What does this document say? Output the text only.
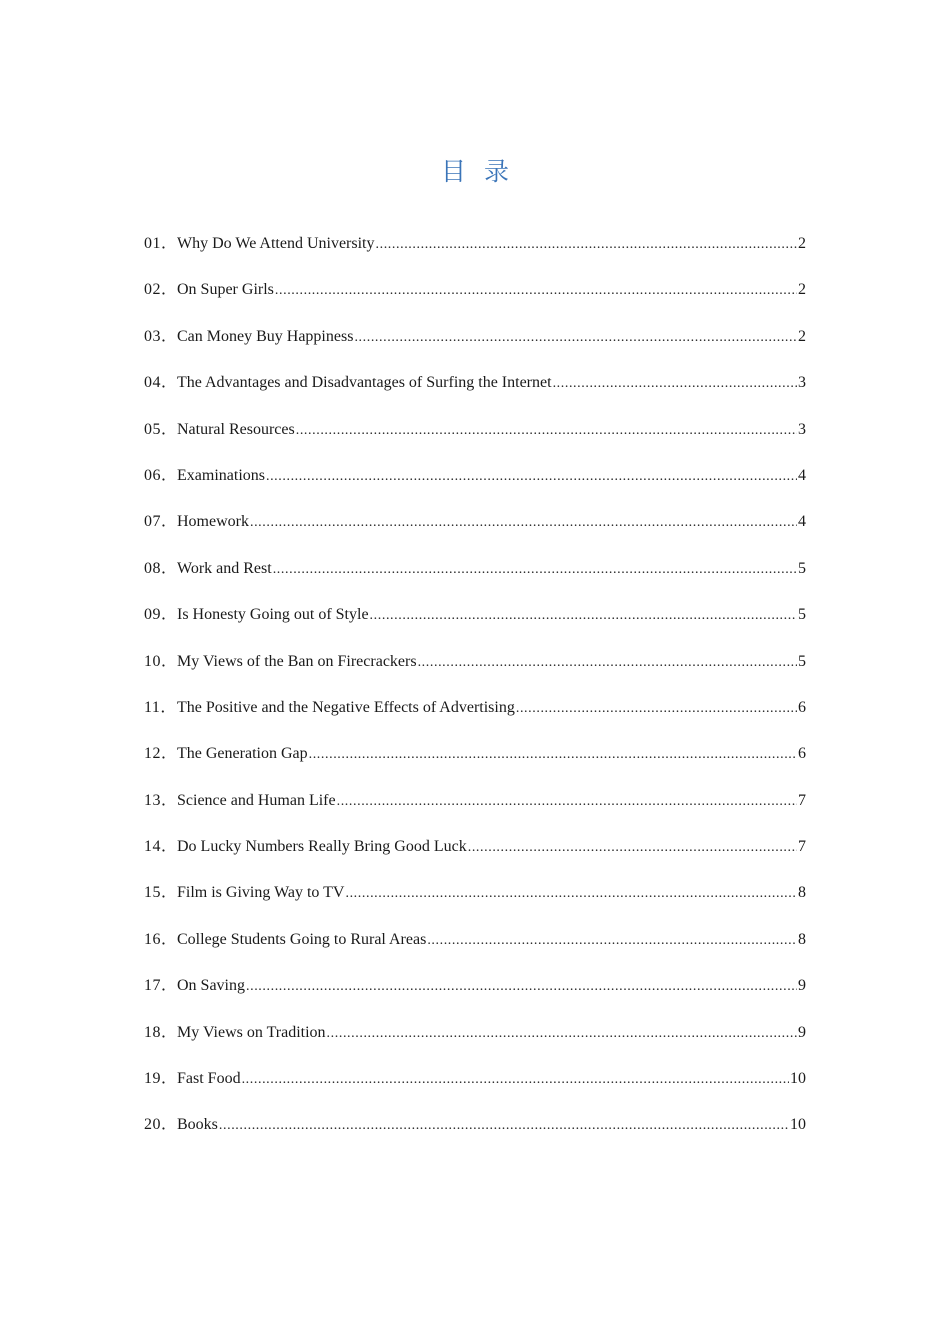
目录
01． Why Do We Attend University .....	2
02． On Super Girls .....	2
03． Can Money Buy Happiness .....	2
04． The Advantages and Disadvantages of Surfing the Internet .....	3
05． Natural Resources .....	3
06． Examinations .....	4
07． Homework .....	4
08． Work and Rest .....	5
09． Is Honesty Going out of Style .....	5
10． My Views of the Ban on Firecrackers .....	5
11． The Positive and the Negative Effects of Advertising .....	6
12． The Generation Gap .....	6
13． Science and Human Life .....	7
14． Do Lucky Numbers Really Bring Good Luck .....	7
15． Film is Giving Way to TV .....	8
16． College Students Going to Rural Areas .....	8
17． On Saving .....	9
18． My Views on Tradition .....	9
19． Fast Food .....	10
20． Books .....	10
